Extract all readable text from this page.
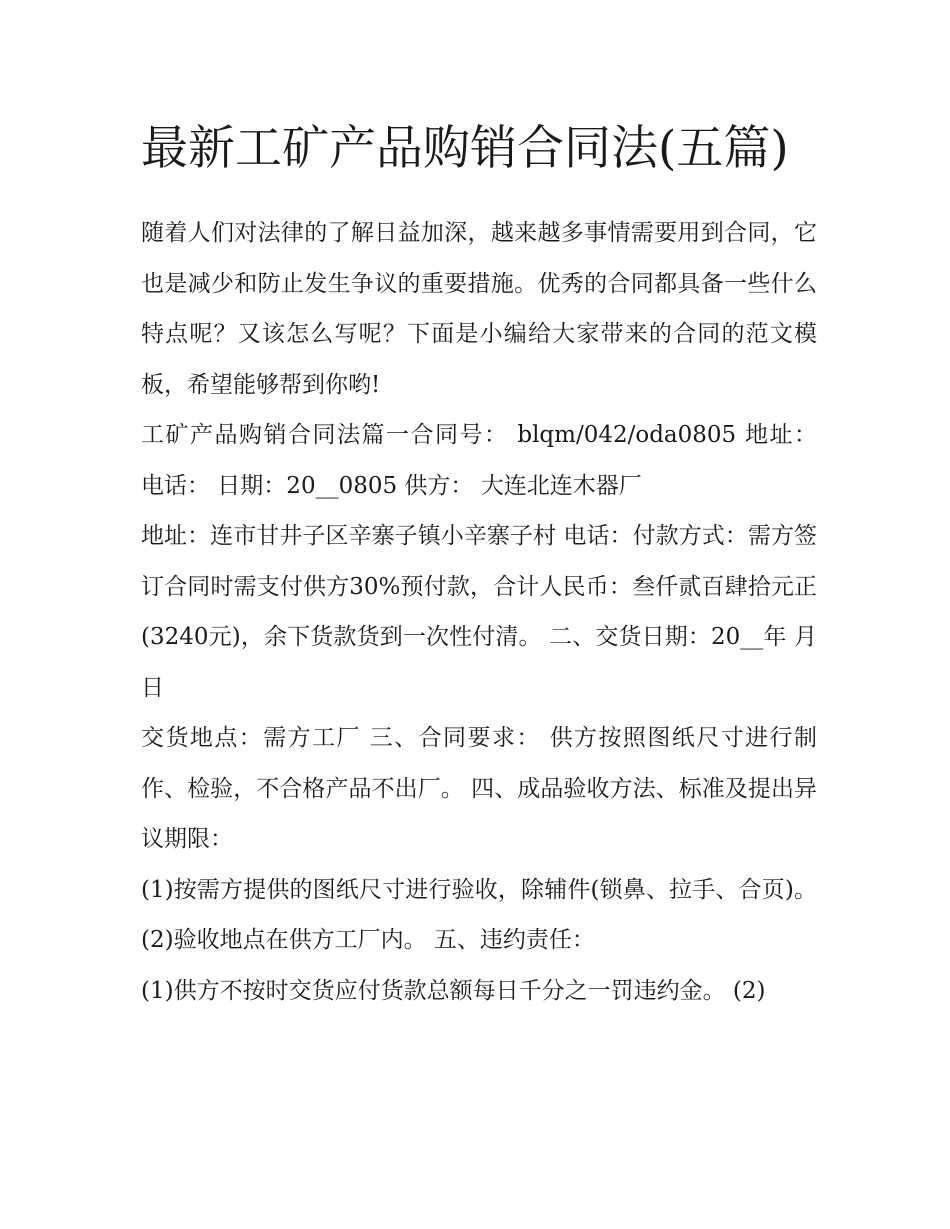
最新工矿产品购销合同法(五篇)

随着人们对法律的了解日益加深，越来越多事情需要用到合同，它也是减少和防止发生争议的重要措施。优秀的合同都具备一些什么特点呢？又该怎么写呢？下面是小编给大家带来的合同的范文模板，希望能够帮到你哟!

工矿产品购销合同法篇一合同号： blqm/042/oda0805 地址： 电话： 日期：20__0805 供方： 大连北连木器厂

地址：连市甘井子区辛寨子镇小辛寨子村 电话：付款方式：需方签订合同时需支付供方30%预付款，合计人民币：叁仟贰百肆拾元正(3240元)，余下货款货到一次性付清。 二、交货日期：20__年 月 日

交货地点：需方工厂 三、合同要求： 供方按照图纸尺寸进行制作、检验，不合格产品不出厂。 四、成品验收方法、标准及提出异议期限：

(1)按需方提供的图纸尺寸进行验收，除辅件(锁鼻、拉手、合页)。 (2)验收地点在供方工厂内。 五、违约责任：

(1)供方不按时交货应付货款总额每日千分之一罚违约金。 (2)
